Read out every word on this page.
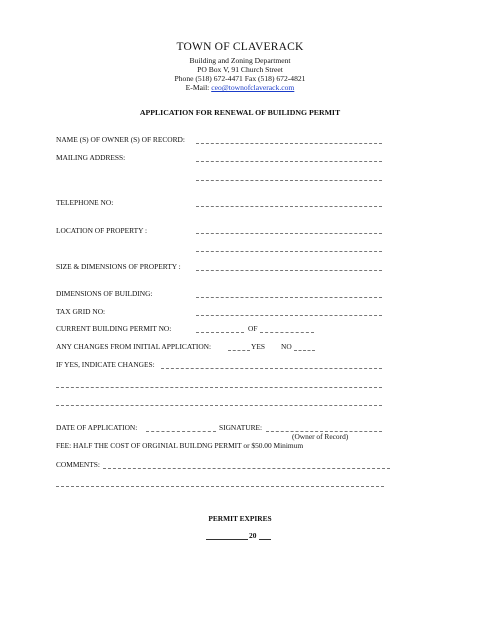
TOWN OF CLAVERACK
Building and Zoning Department
PO Box V, 91 Church Street
Phone (518) 672-4471 Fax (518) 672-4821
E-Mail: ceo@townofclaverack.com
APPLICATION FOR RENEWAL OF BUILIDNG PERMIT
NAME (S) OF OWNER (S) OF RECORD:
MAILING ADDRESS:
TELEPHONE NO:
LOCATION OF PROPERTY :
SIZE & DIMENSIONS OF PROPERTY :
DIMENSIONS OF BUILDING:
TAX GRID NO:
CURRENT BUILDING PERMIT NO:	OF
ANY CHANGES FROM INITIAL APPLICATION:	YES NO
IF YES, INDICATE CHANGES:
DATE OF APPLICATION:	SIGNATURE:
(Owner of Record)
FEE: HALF THE COST OF ORGINIAL BUILDNG PERMIT or $50.00 Minimum
COMMENTS:
PERMIT EXPIRES
20
